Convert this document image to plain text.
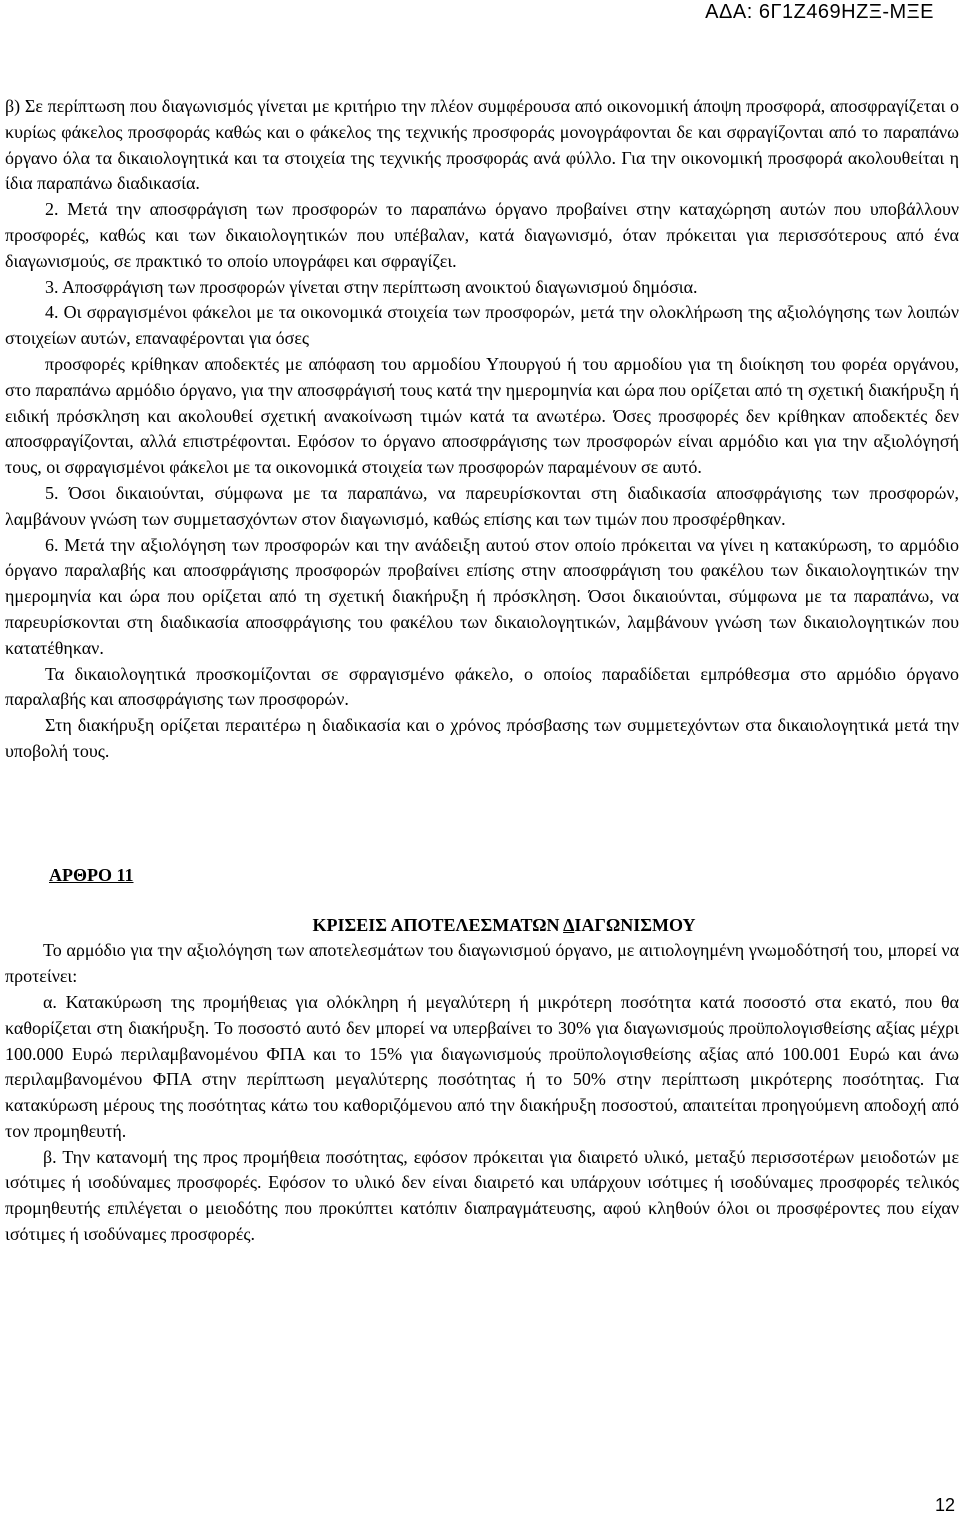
ΑΔΑ: 6Γ1Ζ469ΗΖΞ-ΜΞΕ

β) Σε περίπτωση που διαγωνισμός γίνεται με κριτήριο την πλέον συμφέρουσα από οικονομική άποψη προσφορά, αποσφραγίζεται ο κυρίως φάκελος προσφοράς καθώς και ο φάκελος της τεχνικής προσφοράς μονογράφονται δε και σφραγίζονται από το παραπάνω όργανο όλα τα δικαιολογητικά και τα στοιχεία της τεχνικής προσφοράς ανά φύλλο. Για την οικονομική προσφορά ακολουθείται η ίδια παραπάνω διαδικασία.

2. Μετά την αποσφράγιση των προσφορών το παραπάνω όργανο προβαίνει στην καταχώρηση αυτών που υποβάλλουν προσφορές, καθώς και των δικαιολογητικών που υπέβαλαν, κατά διαγωνισμό, όταν πρόκειται για περισσότερους από ένα διαγωνισμούς, σε πρακτικό το οποίο υπογράφει και σφραγίζει.

3. Αποσφράγιση των προσφορών γίνεται στην περίπτωση ανοικτού διαγωνισμού δημόσια.

4. Οι σφραγισμένοι φάκελοι με τα οικονομικά στοιχεία των προσφορών, μετά την ολοκλήρωση της αξιολόγησης των λοιπών στοιχείων αυτών, επαναφέρονται για όσες

προσφορές κρίθηκαν αποδεκτές με απόφαση του αρμοδίου Υπουργού ή του αρμοδίου για τη διοίκηση του φορέα οργάνου, στο παραπάνω αρμόδιο όργανο, για την αποσφράγισή τους κατά την ημερομηνία και ώρα που ορίζεται από τη σχετική διακήρυξη ή ειδική πρόσκληση και ακολουθεί σχετική ανακοίνωση τιμών κατά τα ανωτέρω. Όσες προσφορές δεν κρίθηκαν αποδεκτές δεν αποσφραγίζονται, αλλά επιστρέφονται. Εφόσον το όργανο αποσφράγισης των προσφορών είναι αρμόδιο και για την αξιολόγησή τους, οι σφραγισμένοι φάκελοι με τα οικονομικά στοιχεία των προσφορών παραμένουν σε αυτό.

5. Όσοι δικαιούνται, σύμφωνα με τα παραπάνω, να παρευρίσκονται στη διαδικασία αποσφράγισης των προσφορών, λαμβάνουν γνώση των συμμετασχόντων στον διαγωνισμό, καθώς επίσης και των τιμών που προσφέρθηκαν.

6. Μετά την αξιολόγηση των προσφορών και την ανάδειξη αυτού στον οποίο πρόκειται να γίνει η κατακύρωση, το αρμόδιο όργανο παραλαβής και αποσφράγισης προσφορών προβαίνει επίσης στην αποσφράγιση του φακέλου των δικαιολογητικών την ημερομηνία και ώρα που ορίζεται από τη σχετική διακήρυξη ή πρόσκληση. Όσοι δικαιούνται, σύμφωνα με τα παραπάνω, να παρευρίσκονται στη διαδικασία αποσφράγισης του φακέλου των δικαιολογητικών, λαμβάνουν γνώση των δικαιολογητικών που κατατέθηκαν.

Τα δικαιολογητικά προσκομίζονται σε σφραγισμένο φάκελο, ο οποίος παραδίδεται εμπρόθεσμα στο αρμόδιο όργανο παραλαβής και αποσφράγισης των προσφορών.

Στη διακήρυξη ορίζεται περαιτέρω η διαδικασία και ο χρόνος πρόσβασης των συμμετεχόντων στα δικαιολογητικά μετά την υποβολή τους.

ΑΡΘΡΟ 11

ΚΡΙΣΕΙΣ ΑΠΟΤΕΛΕΣΜΑΤΩΝ ΔΙΑΓΩΝΙΣΜΟΥ

Το αρμόδιο για την αξιολόγηση των αποτελεσμάτων του διαγωνισμού όργανο, με αιτιολογημένη γνωμοδότησή του, μπορεί να προτείνει:

α. Κατακύρωση της προμήθειας για ολόκληρη ή μεγαλύτερη ή μικρότερη ποσότητα κατά ποσοστό στα εκατό, που θα καθορίζεται στη διακήρυξη. Το ποσοστό αυτό δεν μπορεί να υπερβαίνει το 30% για διαγωνισμούς προϋπολογισθείσης αξίας μέχρι 100.000 Ευρώ περιλαμβανομένου ΦΠΑ και το 15% για διαγωνισμούς προϋπολογισθείσης αξίας από 100.001 Ευρώ και άνω περιλαμβανομένου ΦΠΑ στην περίπτωση μεγαλύτερης ποσότητας ή το 50% στην περίπτωση μικρότερης ποσότητας. Για κατακύρωση μέρους της ποσότητας κάτω του καθοριζόμενου από την διακήρυξη ποσοστού, απαιτείται προηγούμενη αποδοχή από τον προμηθευτή.

β. Την κατανομή της προς προμήθεια ποσότητας, εφόσον πρόκειται για διαιρετό υλικό, μεταξύ περισσοτέρων μειοδοτών με ισότιμες ή ισοδύναμες προσφορές. Εφόσον το υλικό δεν είναι διαιρετό και υπάρχουν ισότιμες ή ισοδύναμες προσφορές τελικός προμηθευτής επιλέγεται ο μειοδότης που προκύπτει κατόπιν διαπραγμάτευσης, αφού κληθούν όλοι οι προσφέροντες που είχαν ισότιμες ή ισοδύναμες προσφορές.

12
